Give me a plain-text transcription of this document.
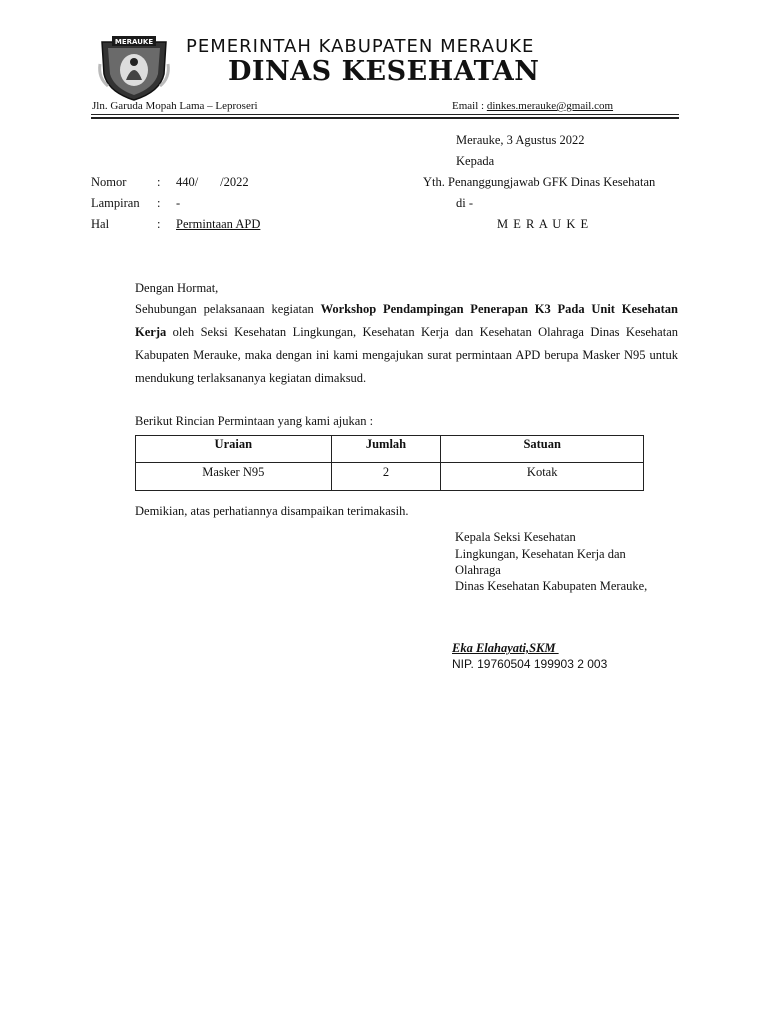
MERAUKE PEMERINTAH KABUPATEN MERAUKE
DINAS KESEHATAN
Jln. Garuda Mopah Lama – Leproseri	Email : dinkes.merauke@gmail.com
Merauke, 3 Agustus 2022
Kepada
Yth. Penanggungjawab GFK Dinas Kesehatan
di -
M E R A U K E
Nomor : 440/       /2022
Lampiran : -
Hal	: Permintaan APD
Dengan Hormat,
Sehubungan pelaksanaan kegiatan Workshop Pendampingan Penerapan K3 Pada Unit Kesehatan Kerja oleh Seksi Kesehatan Lingkungan, Kesehatan Kerja dan Kesehatan Olahraga Dinas Kesehatan Kabupaten Merauke, maka dengan ini kami mengajukan surat permintaan APD berupa Masker N95 untuk mendukung terlaksananya kegiatan dimaksud.
Berikut Rincian Permintaan yang kami ajukan :
Uraian	Jumlah	Satuan
Masker N95	2	Kotak
Demikian, atas perhatiannya disampaikan terimakasih.
Kepala Seksi Kesehatan
Lingkungan, Kesehatan Kerja dan
Olahraga
Dinas Kesehatan Kabupaten Merauke,
Eka Elahayati,SKM
NIP. 19760504 199903 2 003
